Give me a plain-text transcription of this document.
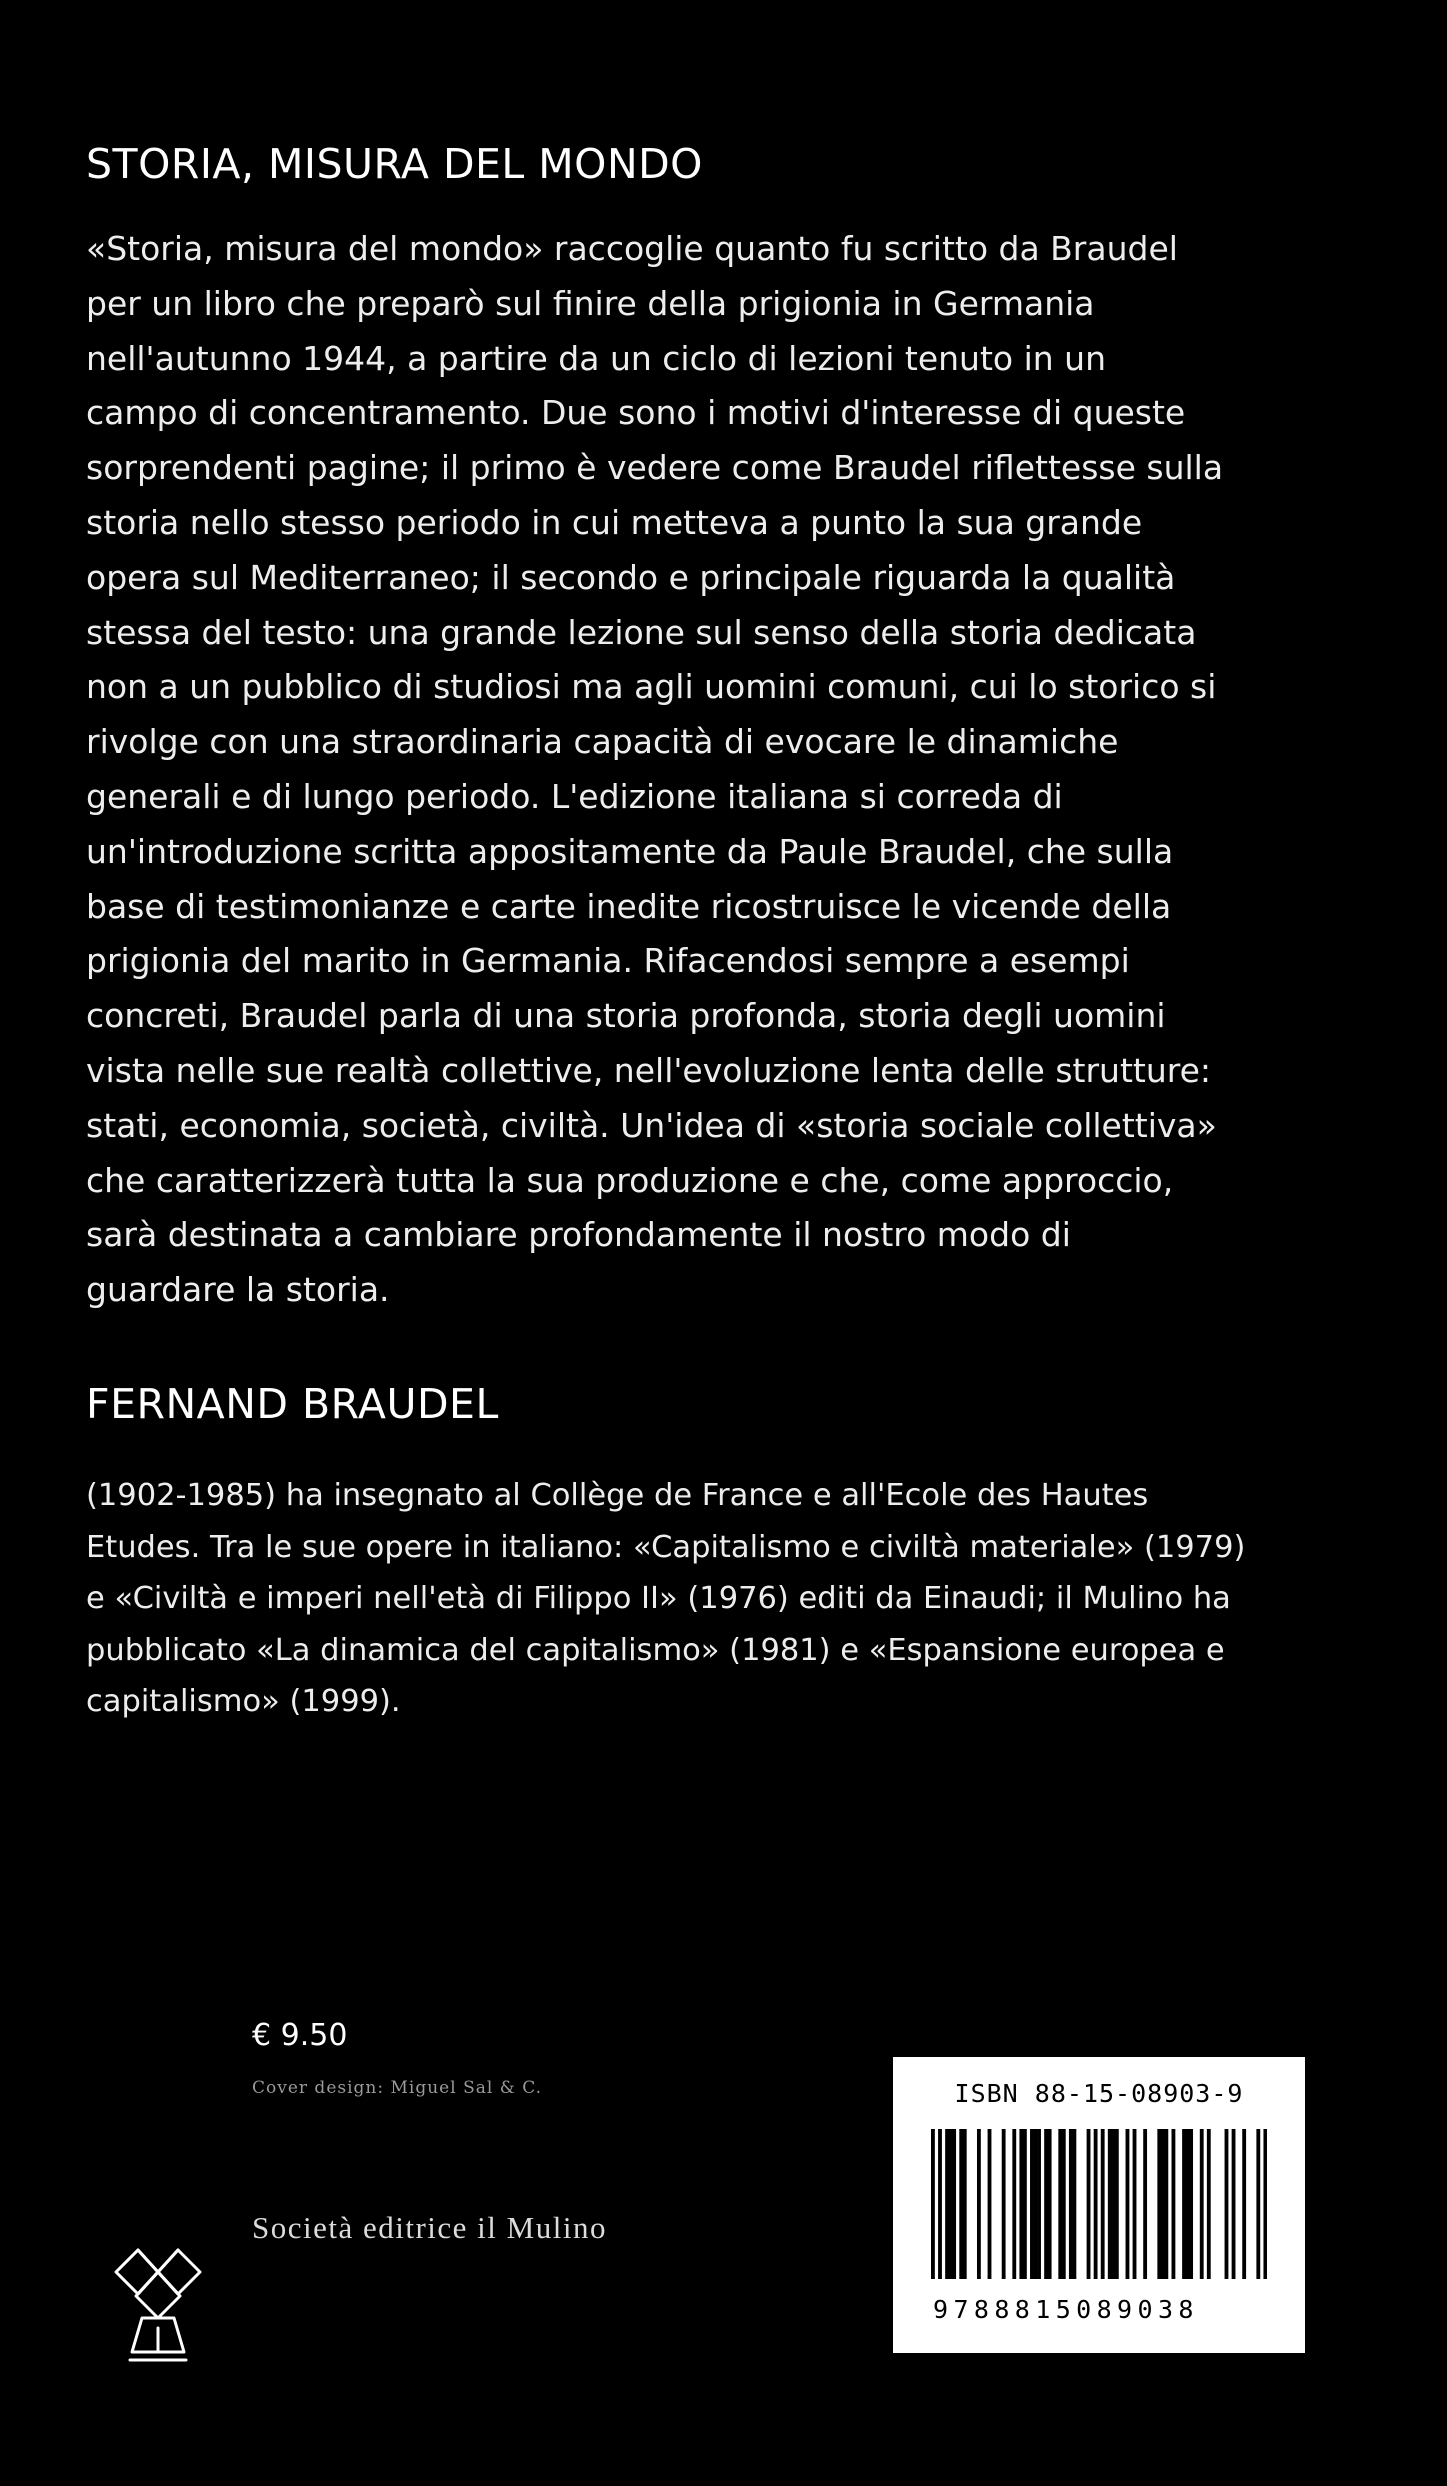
STORIA, MISURA DEL MONDO
«Storia, misura del mondo» raccoglie quanto fu scritto da Braudel
per un libro che preparò sul finire della prigionia in Germania
nell'autunno 1944, a partire da un ciclo di lezioni tenuto in un
campo di concentramento. Due sono i motivi d'interesse di queste
sorprendenti pagine; il primo è vedere come Braudel riflettesse sulla
storia nello stesso periodo in cui metteva a punto la sua grande
opera sul Mediterraneo; il secondo e principale riguarda la qualità
stessa del testo: una grande lezione sul senso della storia dedicata
non a un pubblico di studiosi ma agli uomini comuni, cui lo storico si
rivolge con una straordinaria capacità di evocare le dinamiche
generali e di lungo periodo. L'edizione italiana si correda di
un'introduzione scritta appositamente da Paule Braudel, che sulla
base di testimonianze e carte inedite ricostruisce le vicende della
prigionia del marito in Germania. Rifacendosi sempre a esempi
concreti, Braudel parla di una storia profonda, storia degli uomini
vista nelle sue realtà collettive, nell'evoluzione lenta delle strutture:
stati, economia, società, civiltà. Un'idea di «storia sociale collettiva»
che caratterizzerà tutta la sua produzione e che, come approccio,
sarà destinata a cambiare profondamente il nostro modo di
guardare la storia.
FERNAND BRAUDEL
(1902-1985) ha insegnato al Collège de France e all'Ecole des Hautes
Etudes. Tra le sue opere in italiano: «Capitalismo e civiltà materiale» (1979)
e «Civiltà e imperi nell'età di Filippo II» (1976) editi da Einaudi; il Mulino ha
pubblicato «La dinamica del capitalismo» (1981) e «Espansione europea e
capitalismo» (1999).
€ 9.50
Cover design: Miguel Sal & C.
Società editrice il Mulino
ISBN 88-15-08903-9
9788815089038
